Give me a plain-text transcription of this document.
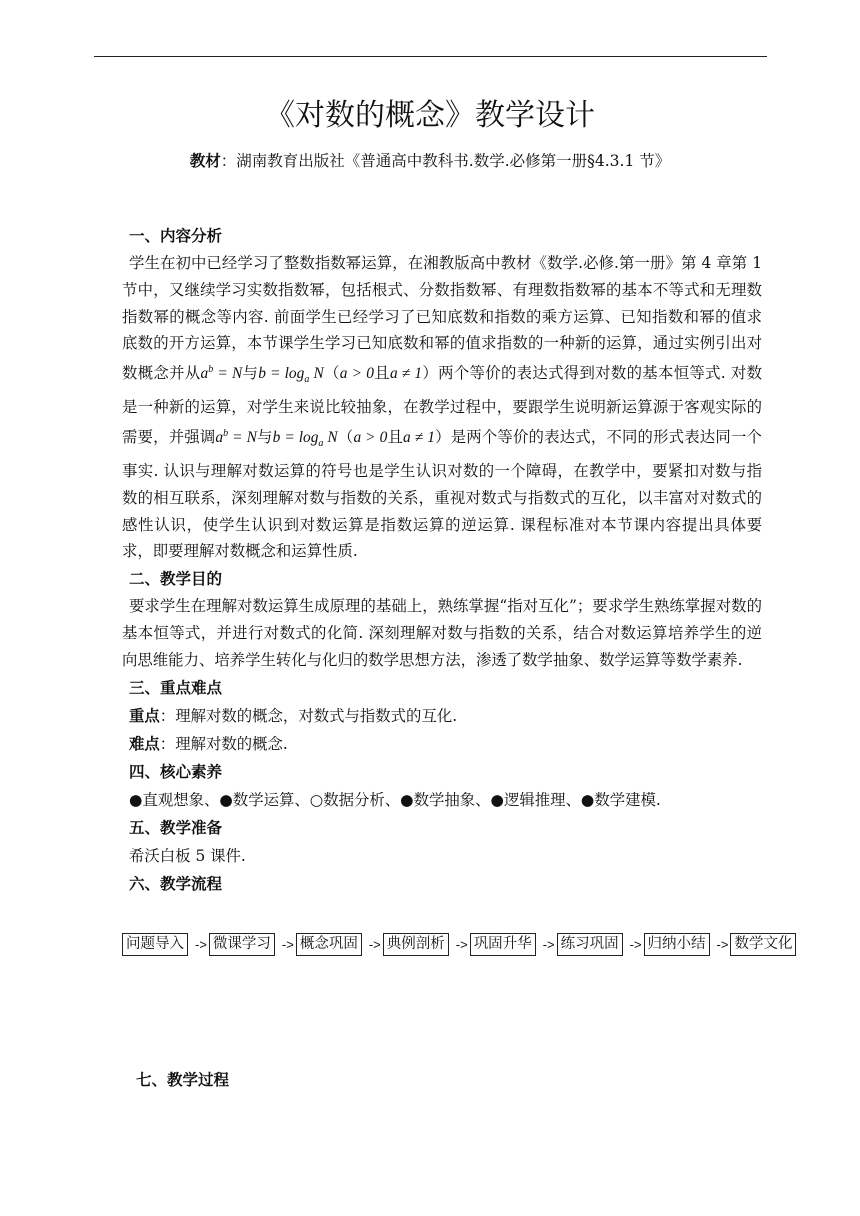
《对数的概念》教学设计
教材：湖南教育出版社《普通高中教科书.数学.必修第一册§4.3.1 节》
一、内容分析
学生在初中已经学习了整数指数幂运算，在湘教版高中教材《数学.必修.第一册》第 4 章第 1 节中，又继续学习实数指数幂，包括根式、分数指数幂、有理数指数幂的基本不等式和无理数指数幂的概念等内容. 前面学生已经学习了已知底数和指数的乘方运算、已知指数和幂的值求底数的开方运算，本节课学生学习已知底数和幂的值求指数的一种新的运算，通过实例引出对数概念并从$a^b = N$与$b = \log_a N(a > 0$且a ≠ 1）两个等价的表达式得到对数的基本恒等式. 对数是一种新的运算，对学生来说比较抽象，在教学过程中，要跟学生说明新运算源于客观实际的需要，并强调$a^b = N$与$b = \log_a N(a > 0$且a ≠ 1）是两个等价的表达式，不同的形式表达同一个事实. 认识与理解对数运算的符号也是学生认识对数的一个障碍，在教学中，要紧扣对数与指数的相互联系，深刻理解对数与指数的关系，重视对数式与指数式的互化，以丰富对对数式的感性认识，使学生认识到对数运算是指数运算的逆运算. 课程标准对本节课内容提出具体要求，即要理解对数概念和运算性质.
二、教学目的
要求学生在理解对数运算生成原理的基础上，熟练掌握“指对互化”；要求学生熟练掌握对数的基本恒等式，并进行对数式的化简. 深刻理解对数与指数的关系，结合对数运算培养学生的逆向思维能力、培养学生转化与化归的数学思想方法，渗透了数学抽象、数学运算等数学素养.
三、重点难点
重点：理解对数的概念，对数式与指数式的互化.
难点：理解对数的概念.
四、核心素养
●直观想象、●数学运算、○数据分析、●数学抽象、●逻辑推理、●数学建模.
五、教学准备
希沃白板 5 课件.
六、教学流程
问题导入 -> 微课学习 -> 概念巩固 -> 典例剖析 -> 巩固升华 -> 练习巩固 -> 归纳小结 -> 数学文化
七、教学过程
